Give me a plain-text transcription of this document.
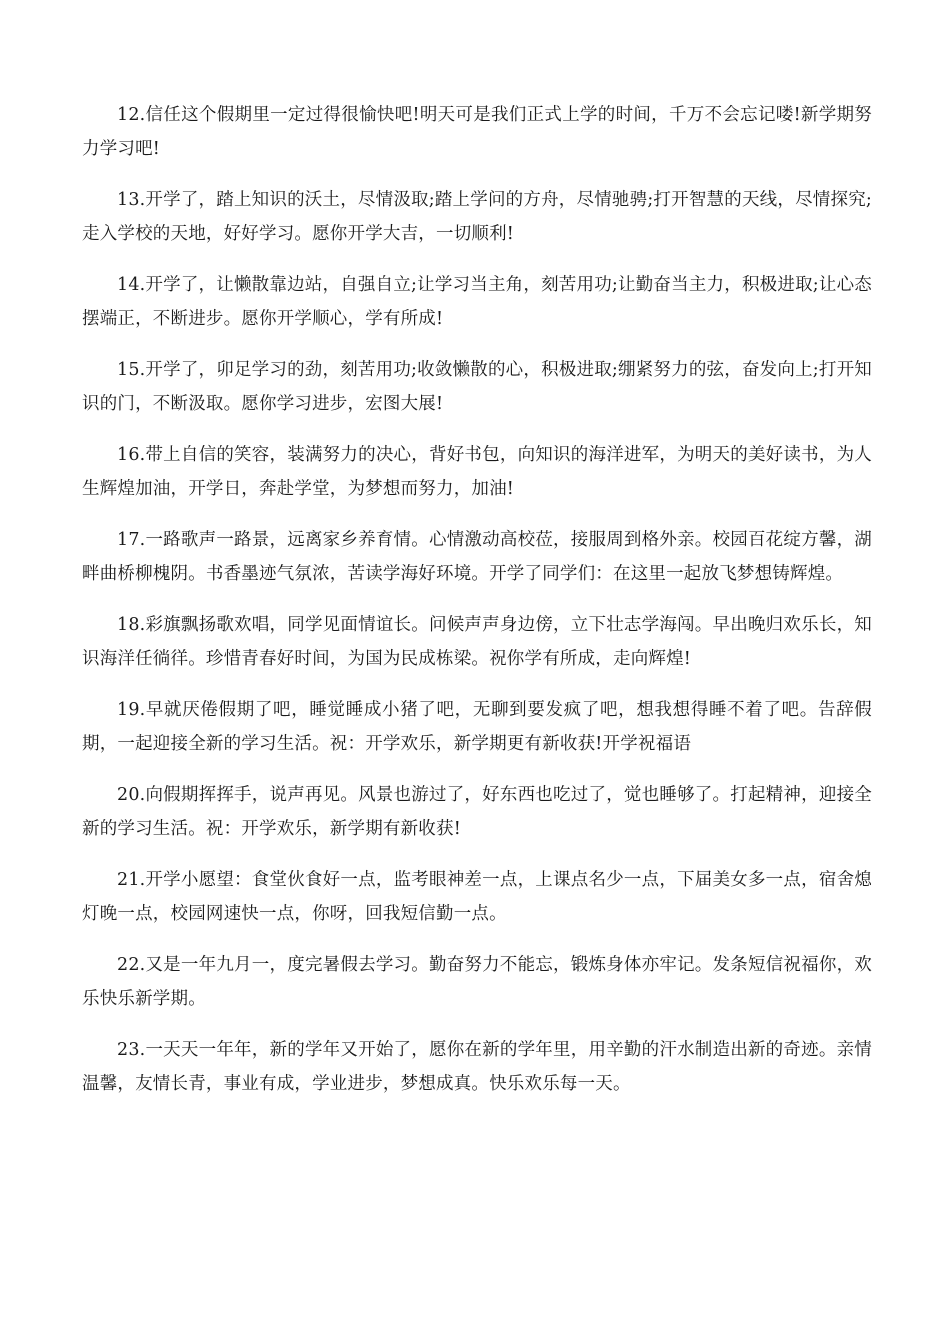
12.信任这个假期里一定过得很愉快吧!明天可是我们正式上学的时间，千万不会忘记喽!新学期努力学习吧!

13.开学了，踏上知识的沃土，尽情汲取;踏上学问的方舟，尽情驰骋;打开智慧的天线，尽情探究;走入学校的天地，好好学习。愿你开学大吉，一切顺利!

14.开学了，让懒散靠边站，自强自立;让学习当主角，刻苦用功;让勤奋当主力，积极进取;让心态摆端正，不断进步。愿你开学顺心，学有所成!

15.开学了，卯足学习的劲，刻苦用功;收敛懒散的心，积极进取;绷紧努力的弦，奋发向上;打开知识的门，不断汲取。愿你学习进步，宏图大展!

16.带上自信的笑容，装满努力的决心，背好书包，向知识的海洋进军，为明天的美好读书，为人生辉煌加油，开学日，奔赴学堂，为梦想而努力，加油!

17.一路歌声一路景，远离家乡养育情。心情激动高校莅，接服周到格外亲。校园百花绽方馨，湖畔曲桥柳槐阴。书香墨迹气氛浓，苦读学海好环境。开学了同学们：在这里一起放飞梦想铸辉煌。

18.彩旗飘扬歌欢唱，同学见面情谊长。问候声声身边傍，立下壮志学海闯。早出晚归欢乐长，知识海洋任徜徉。珍惜青春好时间，为国为民成栋梁。祝你学有所成，走向辉煌!

19.早就厌倦假期了吧，睡觉睡成小猪了吧，无聊到要发疯了吧，想我想得睡不着了吧。告辞假期，一起迎接全新的学习生活。祝：开学欢乐，新学期更有新收获!开学祝福语

20.向假期挥挥手，说声再见。风景也游过了，好东西也吃过了，觉也睡够了。打起精神，迎接全新的学习生活。祝：开学欢乐，新学期有新收获!

21.开学小愿望：食堂伙食好一点，监考眼神差一点，上课点名少一点，下届美女多一点，宿舍熄灯晚一点，校园网速快一点，你呀，回我短信勤一点。

22.又是一年九月一，度完暑假去学习。勤奋努力不能忘，锻炼身体亦牢记。发条短信祝福你，欢乐快乐新学期。

23.一天天一年年，新的学年又开始了，愿你在新的学年里，用辛勤的汗水制造出新的奇迹。亲情温馨，友情长青，事业有成，学业进步，梦想成真。快乐欢乐每一天。
